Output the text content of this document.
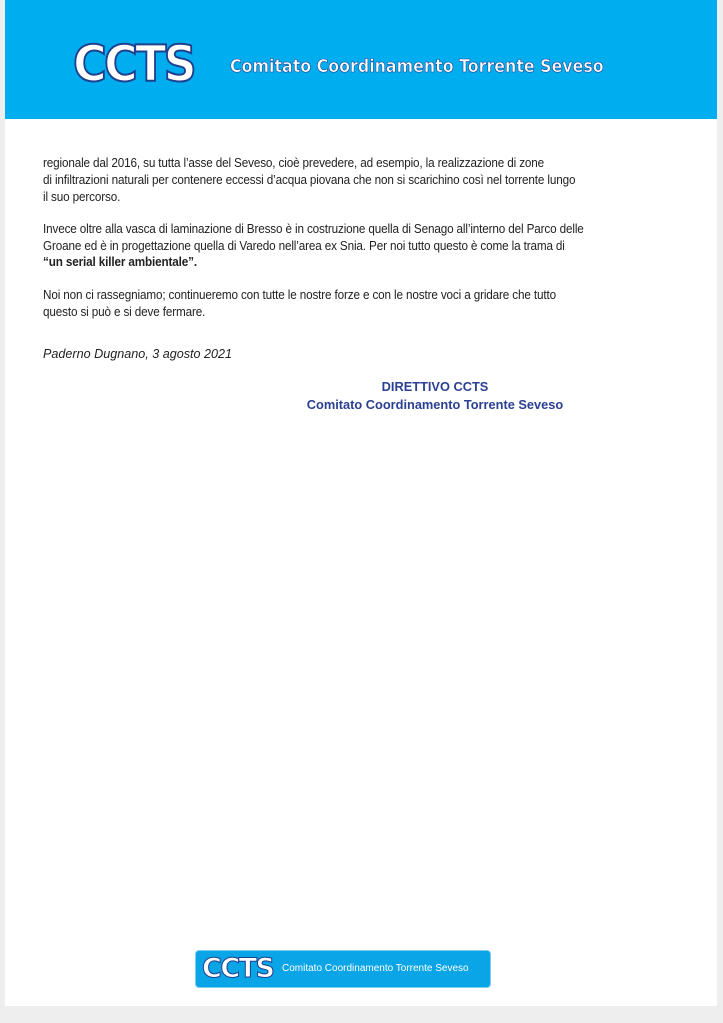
CCTS Comitato Coordinamento Torrente Seveso
regionale dal 2016, su tutta l’asse del Seveso, cioè prevedere, ad esempio, la realizzazione di zone
di infiltrazioni naturali per contenere eccessi d’acqua piovana che non si scarichino così nel torrente lungo
il suo percorso.
Invece oltre alla vasca di laminazione di Bresso è in costruzione quella di Senago all’interno del Parco delle
Groane ed è in progettazione quella di Varedo nell’area ex Snia. Per noi tutto questo è come la trama di
“un serial killer ambientale”.
Noi non ci rassegniamo; continueremo con tutte le nostre forze e con le nostre voci a gridare che tutto
questo si può e si deve fermare.
Paderno Dugnano, 3 agosto 2021
DIRETTIVO CCTS
Comitato Coordinamento Torrente Seveso
CCTS Comitato Coordinamento Torrente Seveso
